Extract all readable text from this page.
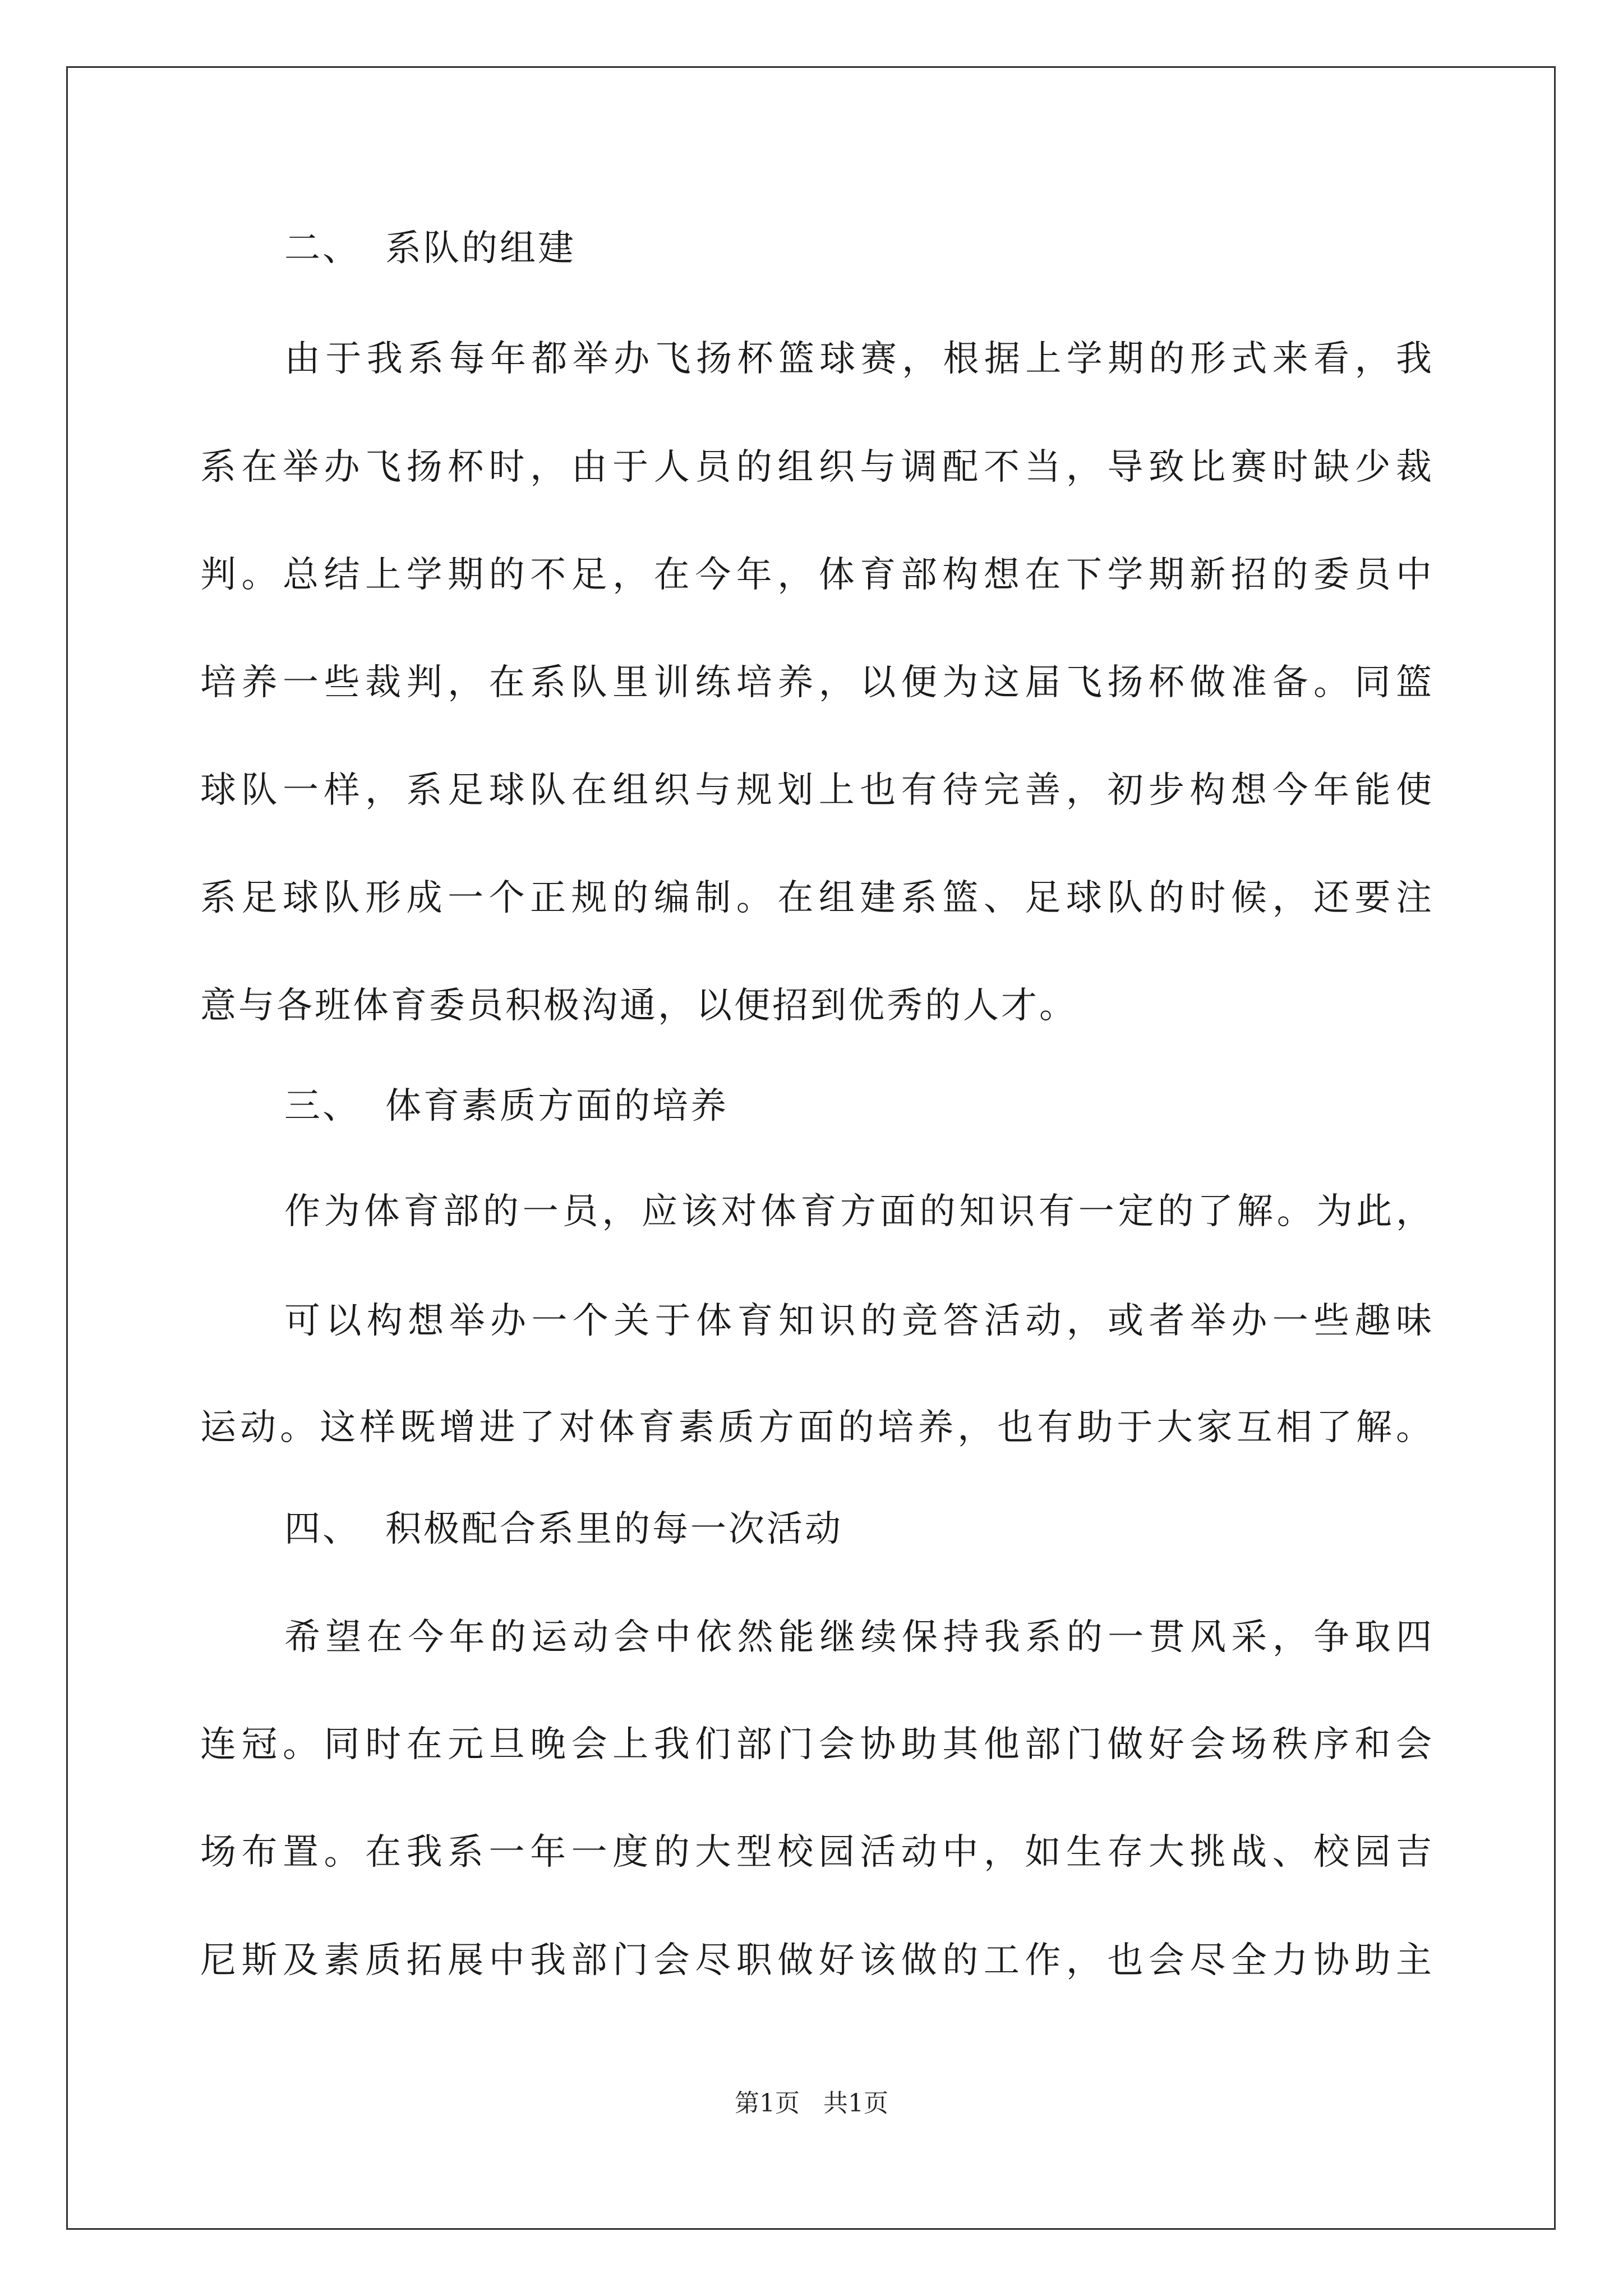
二、 系队的组建
由于我系每年都举办飞扬杯篮球赛，根据上学期的形式来看，我
系在举办飞扬杯时，由于人员的组织与调配不当，导致比赛时缺少裁
判。总结上学期的不足，在今年，体育部构想在下学期新招的委员中
培养一些裁判，在系队里训练培养，以便为这届飞扬杯做准备。同篮
球队一样，系足球队在组织与规划上也有待完善，初步构想今年能使
系足球队形成一个正规的编制。在组建系篮、足球队的时候，还要注
意与各班体育委员积极沟通，以便招到优秀的人才。
三、 体育素质方面的培养
作为体育部的一员，应该对体育方面的知识有一定的了解。为此，
可以构想举办一个关于体育知识的竞答活动，或者举办一些趣味
运动。这样既增进了对体育素质方面的培养，也有助于大家互相了解。
四、 积极配合系里的每一次活动
希望在今年的运动会中依然能继续保持我系的一贯风采，争取四
连冠。同时在元旦晚会上我们部门会协助其他部门做好会场秩序和会
场布置。在我系一年一度的大型校园活动中，如生存大挑战、校园吉
尼斯及素质拓展中我部门会尽职做好该做的工作，也会尽全力协助主
第1页   共1页
